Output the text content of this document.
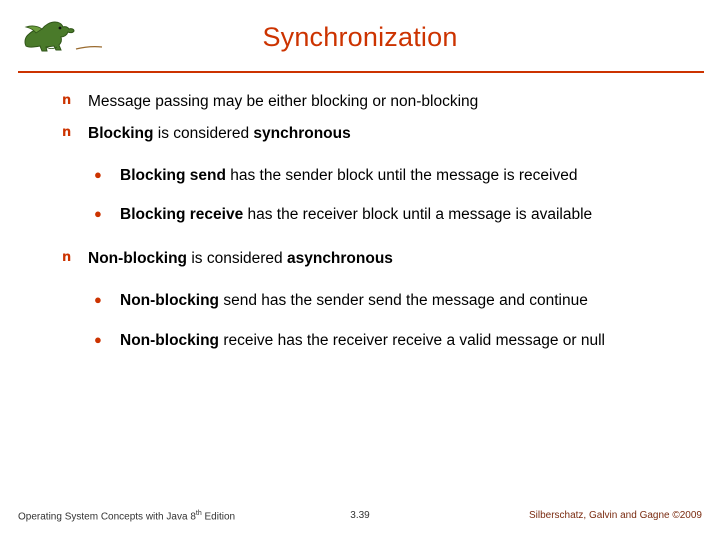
Synchronization
n Message passing may be either blocking or non-blocking
n Blocking is considered synchronous
● Blocking send has the sender block until the message is received
● Blocking receive has the receiver block until a message is available
n Non-blocking is considered asynchronous
● Non-blocking send has the sender send the message and continue
● Non-blocking receive has the receiver receive a valid message or null
Operating System Concepts with Java 8th Edition	3.39	Silberschatz, Galvin and Gagne ©2009
